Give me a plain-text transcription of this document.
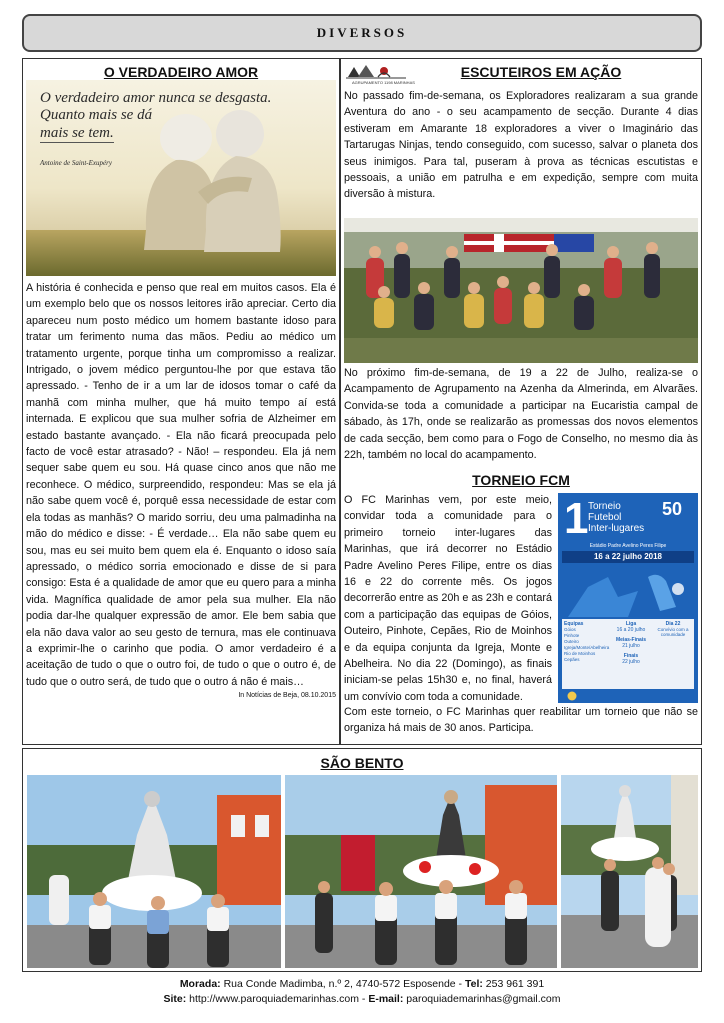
DIVERSOS

O VERDADEIRO AMOR

O verdadeiro amor nunca se desgasta.
Quanto mais se dá
mais se tem.
Antoine de Saint-Exupéry

A história é conhecida e penso que real em muitos casos. Ela é um exemplo belo que os nossos leitores irão apreciar. Certo dia apareceu num posto médico um homem bastante idoso para tratar um ferimento numa das mãos. Pediu ao médico um tratamento urgente, porque tinha um compromisso a realizar. Intrigado, o jovem médico perguntou-lhe por que estava tão apressado. - Tenho de ir a um lar de idosos tomar o café da manhã com minha mulher, que há muito tempo aí está internada. E explicou que sua mulher sofria de Alzheimer em estado bastante avançado. - Ela não ficará preocupada pelo facto de você estar atrasado? - Não! – respondeu. Ela já nem sequer sabe quem eu sou. Há quase cinco anos que não me reconhece. O médico, surpreendido, respondeu: Mas se ela já não sabe quem você é, porquê essa necessidade de estar com ela todas as manhãs? O marido sorriu, deu uma palmadinha na mão do médico e disse: - É verdade… Ela não sabe quem eu sou, mas eu sei muito bem quem ela é. Enquanto o idoso saía apressado, o médico sorria emocionado e disse de si para consigo: Esta é a qualidade de amor que eu quero para a minha vida. Magnífica qualidade de amor pela sua mulher. Ela não podia dar-lhe qualquer expressão de amor. Ele bem sabia que ela não dava valor ao seu gesto de ternura, mas ele continuava a exprimir-lhe o carinho que podia. O amor verdadeiro é a aceitação de tudo o que o outro foi, de tudo o que o outro é, de tudo que o outro será, de tudo que o outro á não é mais…

In Notícias de Beja, 08.10.2015

AGRUPAMENTO 1198 MARINHAS

ESCUTEIROS EM AÇÃO

No passado fim-de-semana, os Exploradores realizaram a sua grande Aventura do ano - o seu acampamento de secção. Durante 4 dias estiveram em Amarante 18 exploradores a viver o Imaginário das Tartarugas Ninjas, tendo conseguido, com sucesso, salvar o planeta dos seus inimigos. Para tal, puseram à prova as técnicas escutistas e pessoais, a união em patrulha e em expedição, sempre com muita diversão à mistura.

No próximo fim-de-semana, de 19 a 22 de Julho, realiza-se o Acampamento de Agrupamento na Azenha da Almerinda, em Alvarães. Convida-se toda a comunidade a participar na Eucaristia campal de sábado, às 17h, onde se realizarão as promessas dos novos elementos de cada secção, bem como para o Fogo de Conselho, no mesmo dia às 22h, também no local do acampamento.

TORNEIO FCM

O FC Marinhas vem, por este meio, convidar toda a comunidade para o primeiro torneio inter-lugares das Marinhas, que irá decorrer no Estádio Padre Avelino Peres Filipe, entre os dias 16 e 22 do corrente mês. Os jogos decorrerão entre as 20h e as 23h e contará com a participação das equipas de Góios, Outeiro, Pinhote, Cepães, Rio de Moinhos e da equipa conjunta da Igreja, Monte e Abelheira. No dia 22 (Domingo), as finais iniciam-se pelas 15h30 e, no final, haverá um convívio com toda a comunidade.

Com este torneio, o FC Marinhas quer reabilitar um torneio que não se organiza há mais de 30 anos. Participa.

1 Torneio
Futebol
Inter-lugares
50
Estádio Padre Avelino Peres Filipe
16 a 22 julho 2018
Equipas
Góios
Pinhote
Outeiro
Igreja/Monte/Abelheira
Rio de Moinhos
Cepães
Liga
16 a 20 julho
Meias-Finais
21 julho
Finais
22 julho
Dia 22
Convívio com a comunidade

SÃO BENTO

Morada: Rua Conde Madimba, n.º 2, 4740-572 Esposende - Tel: 253 961 391
Site: http://www.paroquiademarinhas.com - E-mail: paroquiademarinhas@gmail.com
